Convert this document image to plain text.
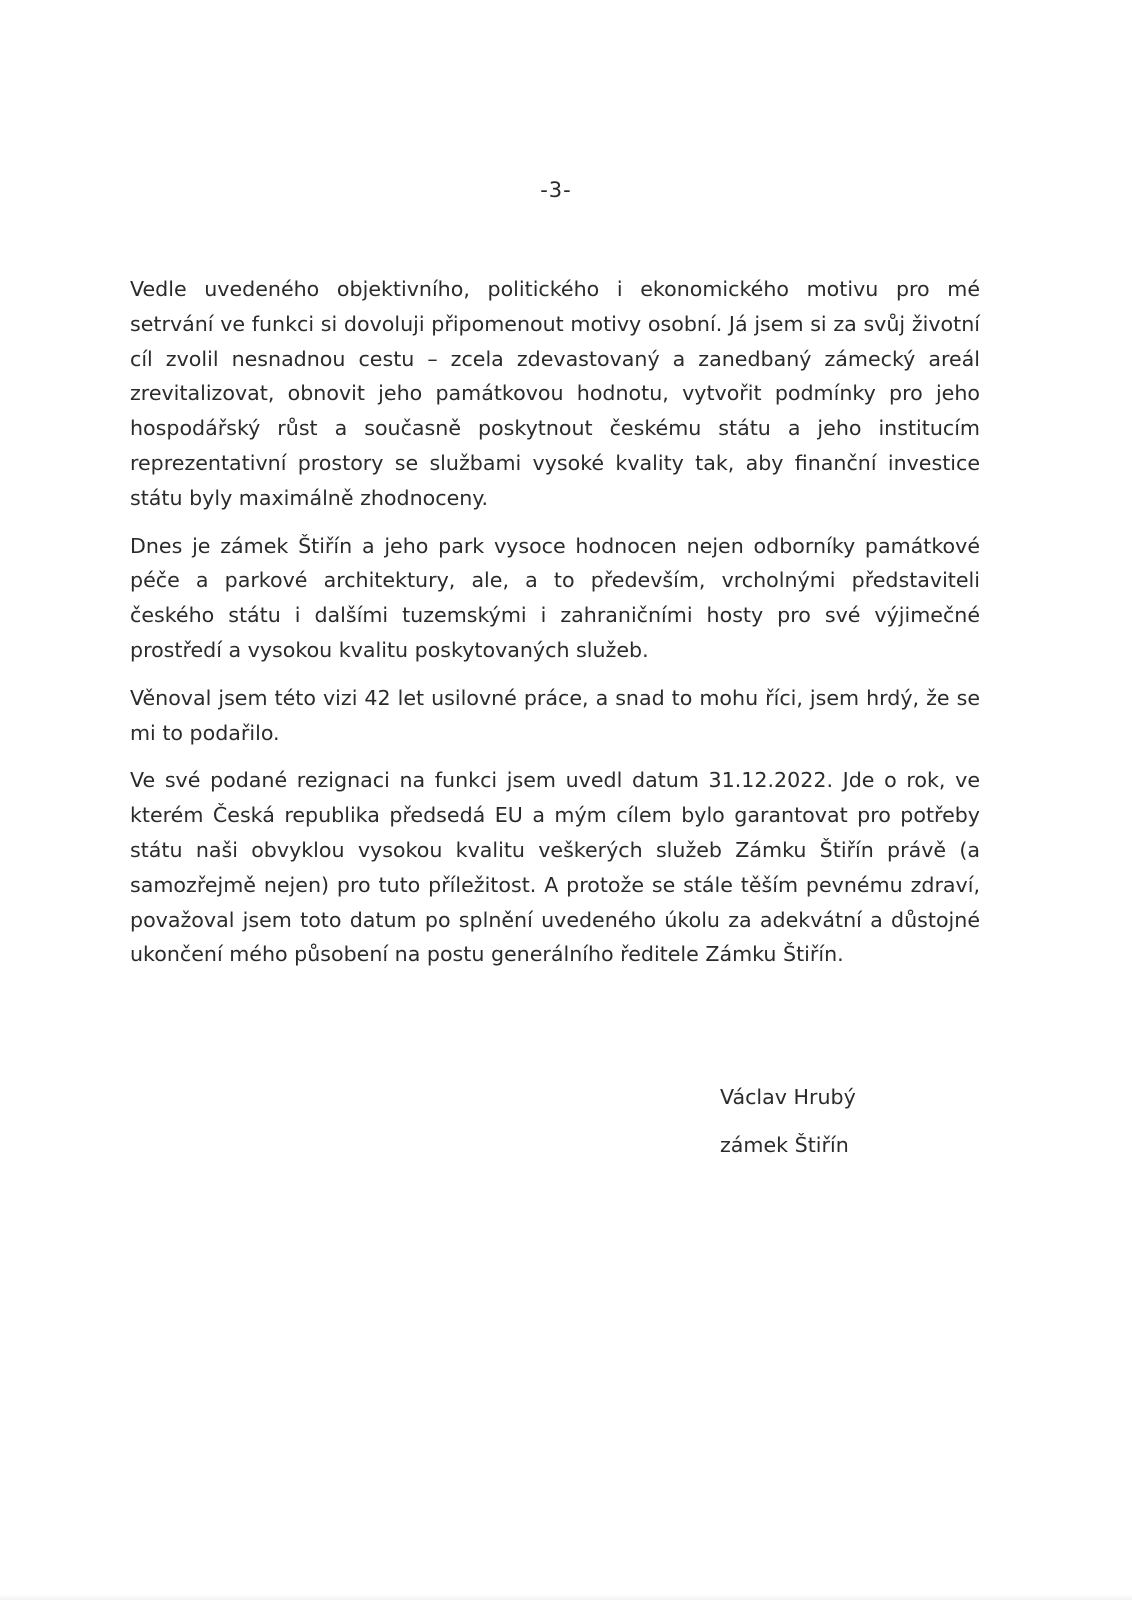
-3-

Vedle uvedeného objektivního, politického i ekonomického motivu pro mé setrvání ve funkci si dovoluji připomenout motivy osobní. Já jsem si za svůj životní cíl zvolil nesnadnou cestu – zcela zdevastovaný a zanedbaný zámecký areál zrevitalizovat, obnovit jeho památkovou hodnotu, vytvořit podmínky pro jeho hospodářský růst a současně poskytnout českému státu a jeho institucím reprezentativní prostory se službami vysoké kvality tak, aby finanční investice státu byly maximálně zhodnoceny.

Dnes je zámek Štiřín a jeho park vysoce hodnocen nejen odborníky památkové péče a parkové architektury, ale, a to především, vrcholnými představiteli českého státu i dalšími tuzemskými i zahraničními hosty pro své výjimečné prostředí a vysokou kvalitu poskytovaných služeb.

Věnoval jsem této vizi 42 let usilovné práce, a snad to mohu říci, jsem hrdý, že se mi to podařilo.

Ve své podané rezignaci na funkci jsem uvedl datum 31.12.2022. Jde o rok, ve kterém Česká republika předsedá EU a mým cílem bylo garantovat pro potřeby státu naši obvyklou vysokou kvalitu veškerých služeb Zámku Štiřín právě (a samozřejmě nejen) pro tuto příležitost. A protože se stále těším pevnému zdraví, považoval jsem toto datum po splnění uvedeného úkolu za adekvátní a důstojné ukončení mého působení na postu generálního ředitele Zámku Štiřín.

Václav Hrubý
zámek Štiřín
